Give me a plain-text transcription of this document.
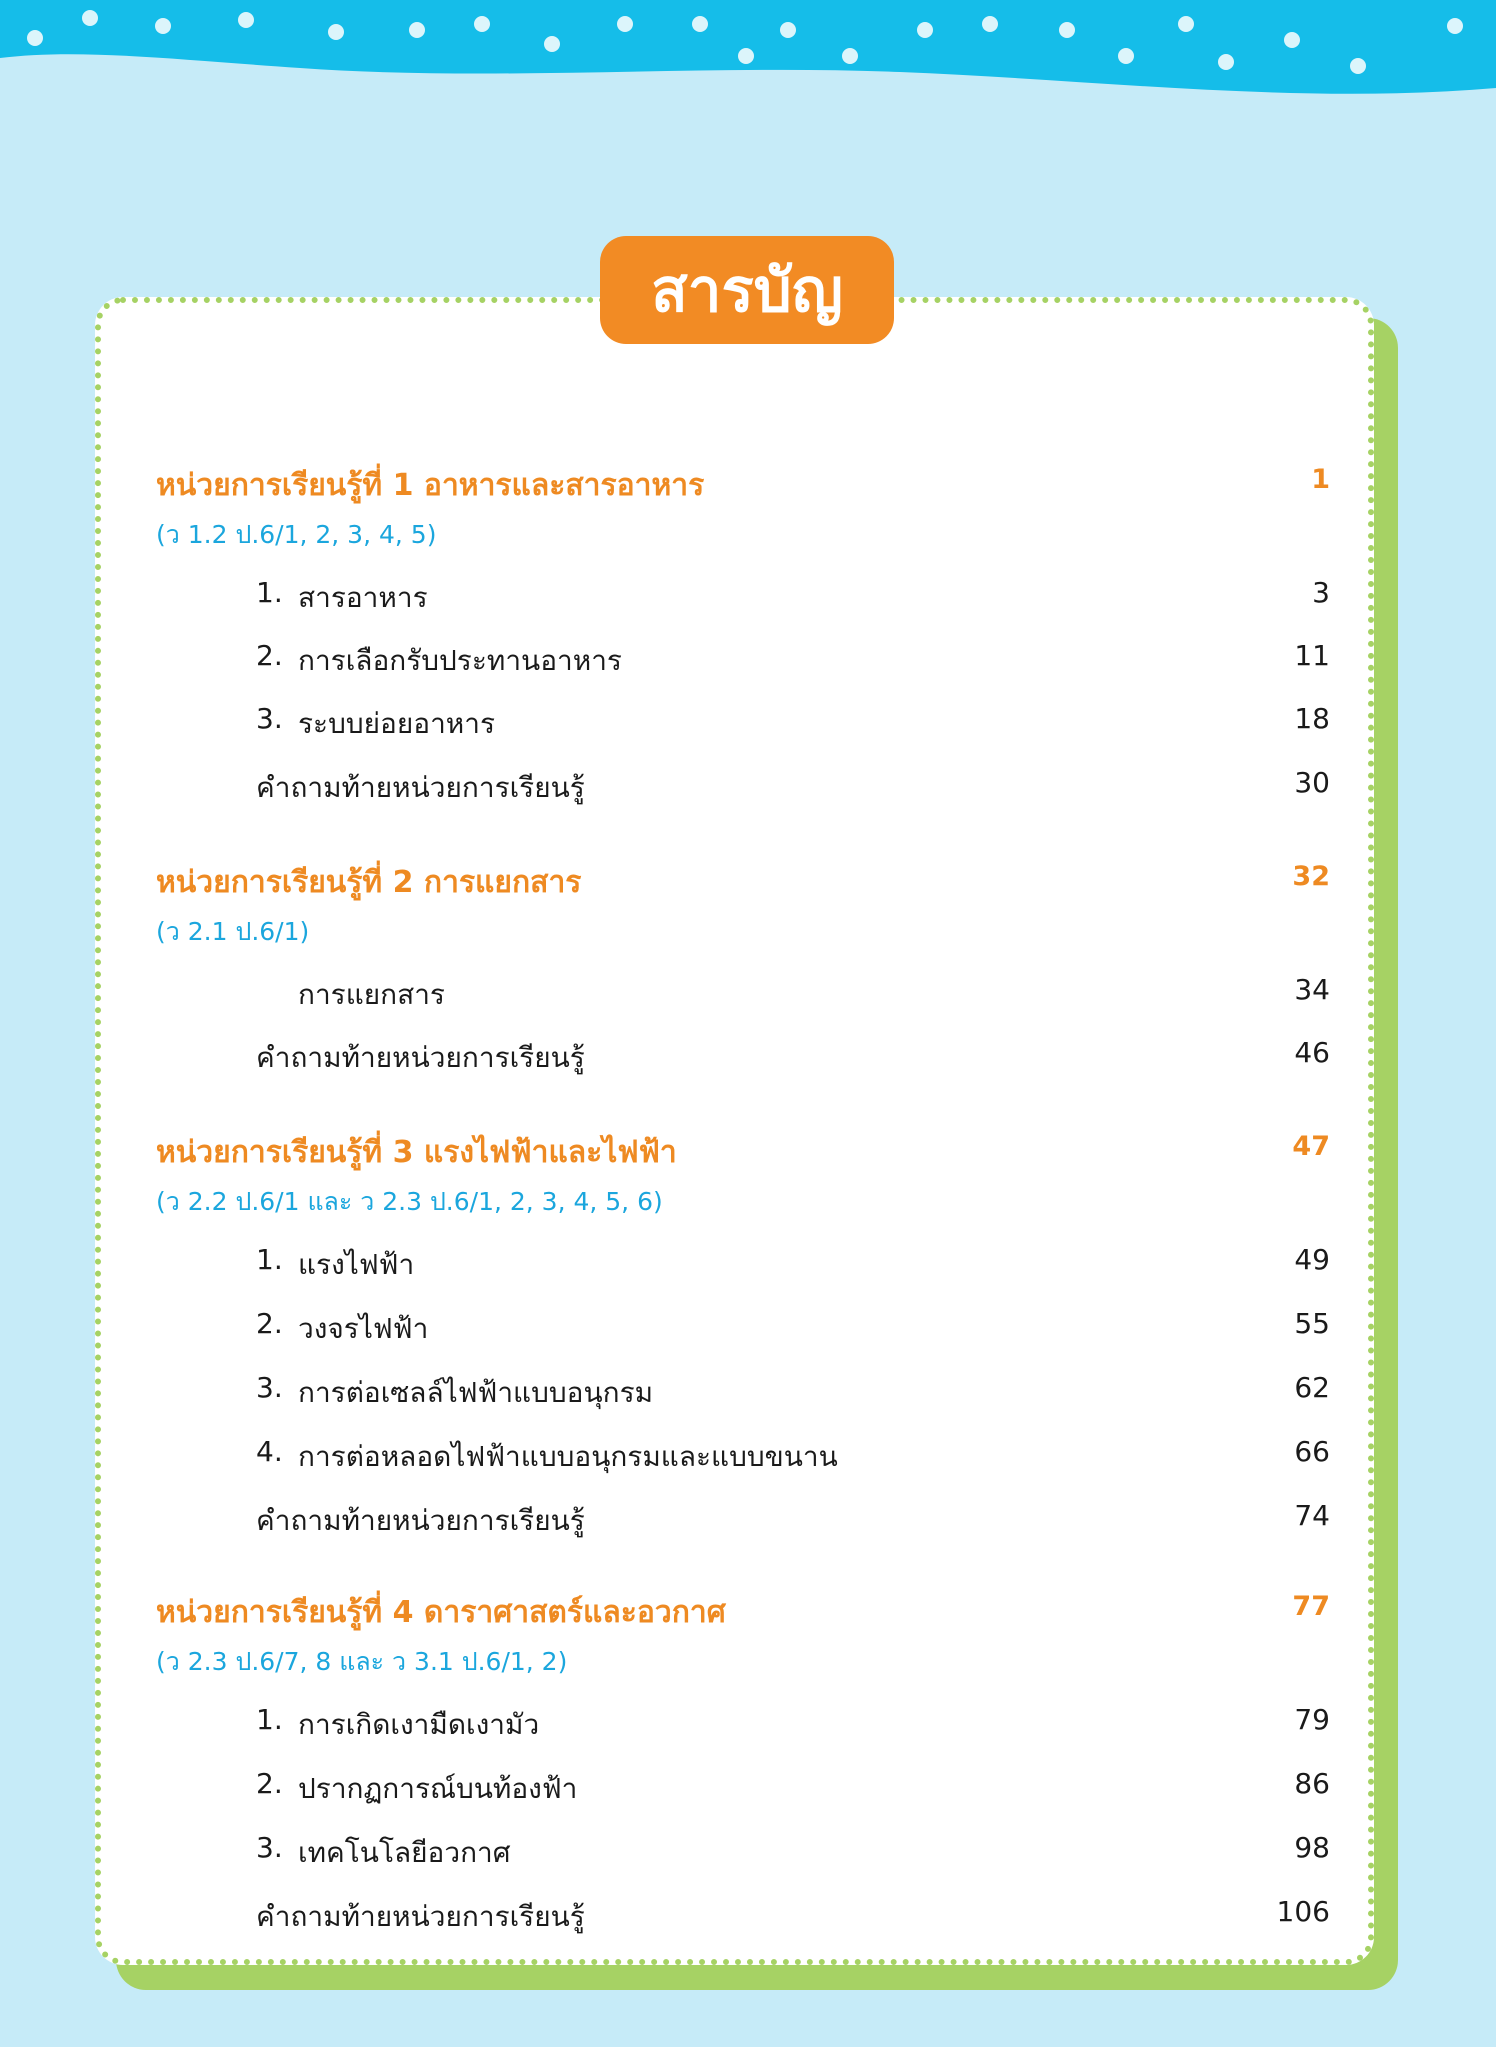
สารบัญ
หน่วยการเรียนรู้ที่ 1 อาหารและสารอาหาร	1
(ว 1.2 ป.6/1, 2, 3, 4, 5)
1. สารอาหาร	3
2. การเลือกรับประทานอาหาร	11
3. ระบบย่อยอาหาร	18
คำถามท้ายหน่วยการเรียนรู้	30
หน่วยการเรียนรู้ที่ 2 การแยกสาร	32
(ว 2.1 ป.6/1)
การแยกสาร	34
คำถามท้ายหน่วยการเรียนรู้	46
หน่วยการเรียนรู้ที่ 3 แรงไฟฟ้าและไฟฟ้า	47
(ว 2.2 ป.6/1 และ ว 2.3 ป.6/1, 2, 3, 4, 5, 6)
1. แรงไฟฟ้า	49
2. วงจรไฟฟ้า	55
3. การต่อเซลล์ไฟฟ้าแบบอนุกรม	62
4. การต่อหลอดไฟฟ้าแบบอนุกรมและแบบขนาน	66
คำถามท้ายหน่วยการเรียนรู้	74
หน่วยการเรียนรู้ที่ 4 ดาราศาสตร์และอวกาศ	77
(ว 2.3 ป.6/7, 8 และ ว 3.1 ป.6/1, 2)
1. การเกิดเงามืดเงามัว	79
2. ปรากฏการณ์บนท้องฟ้า	86
3. เทคโนโลยีอวกาศ	98
คำถามท้ายหน่วยการเรียนรู้	106
